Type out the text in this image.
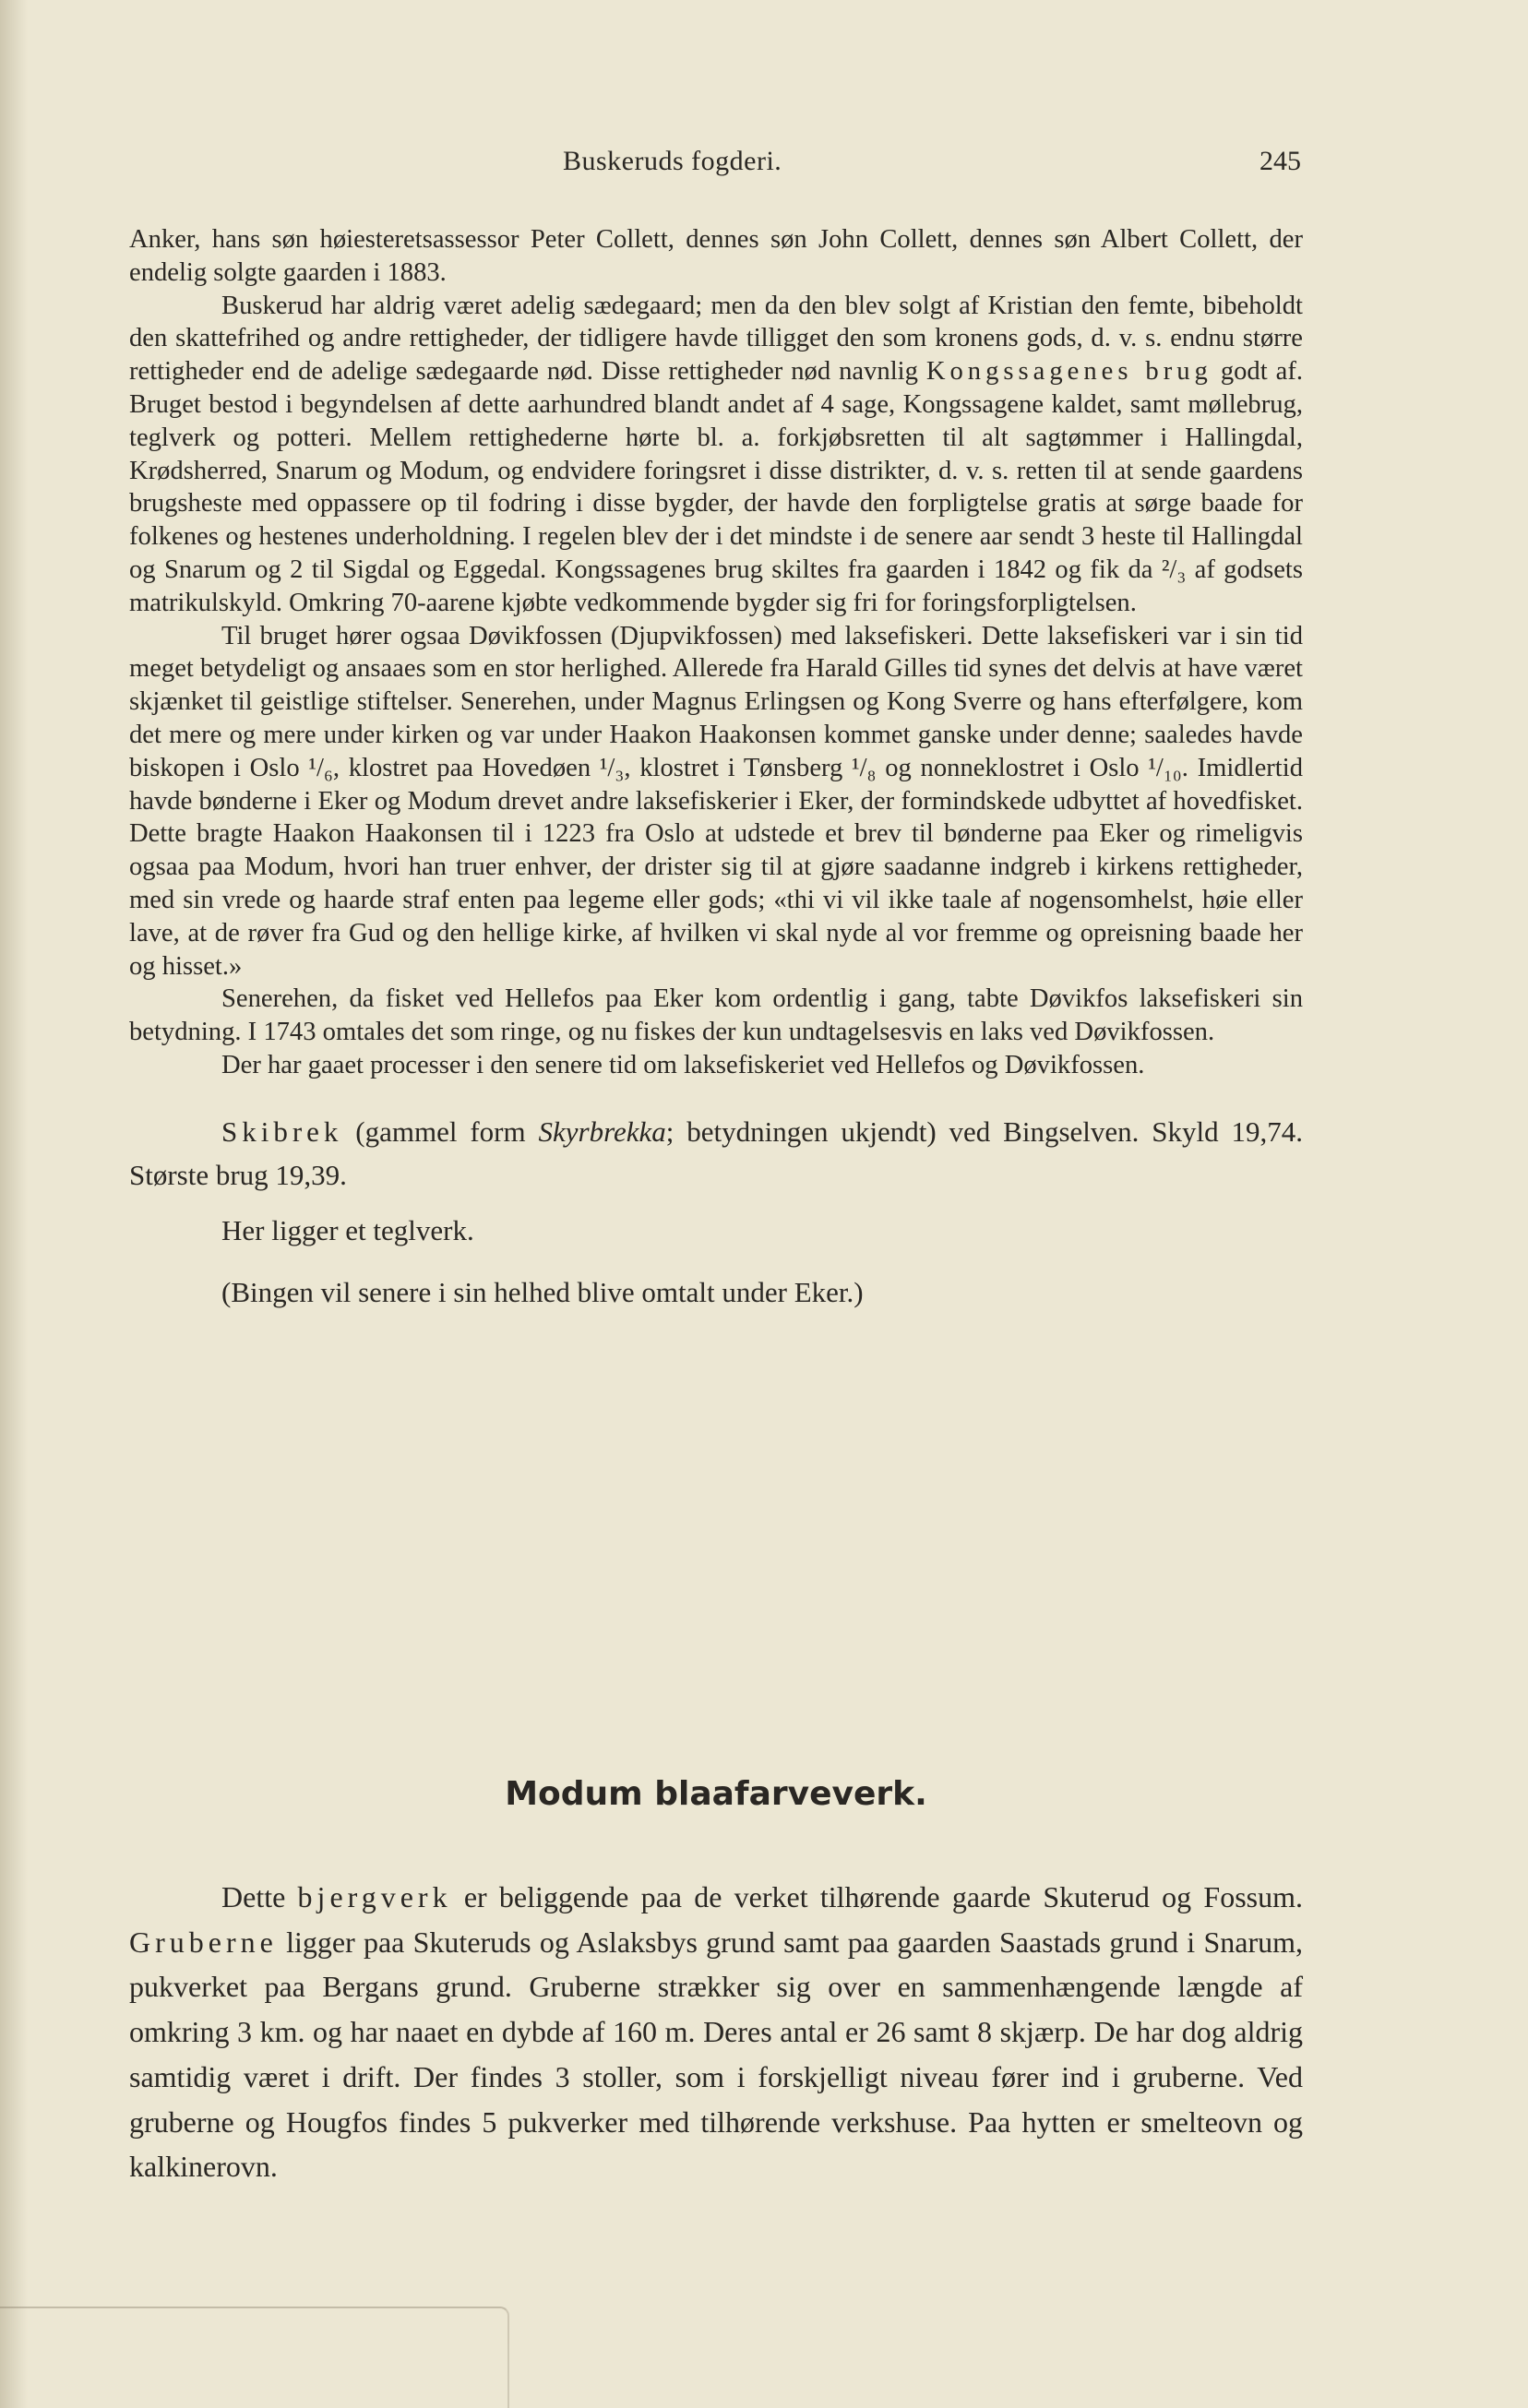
Buskeruds fogderi.	245

Anker, hans søn høiesteretsassessor Peter Collett, dennes søn John Collett, dennes søn Albert Collett, der endelig solgte gaarden i 1883.

Buskerud har aldrig været adelig sædegaard; men da den blev solgt af Kristian den femte, bibeholdt den skattefrihed og andre rettigheder, der tidligere havde tilligget den som kronens gods, d. v. s. endnu større rettigheder end de adelige sædegaarde nød. Disse rettigheder nød navnlig Kongssagenes brug godt af. Bruget bestod i begyndelsen af dette aarhundred blandt andet af 4 sage, Kongssagene kaldet, samt møllebrug, teglverk og potteri. Mellem rettighederne hørte bl. a. forkjøbsretten til alt sagtømmer i Hallingdal, Krødsherred, Snarum og Modum, og endvidere foringsret i disse distrikter, d. v. s. retten til at sende gaardens brugsheste med oppassere op til fodring i disse bygder, der havde den forpligtelse gratis at sørge baade for folkenes og hestenes underholdning. I regelen blev der i det mindste i de senere aar sendt 3 heste til Hallingdal og Snarum og 2 til Sigdal og Eggedal. Kongssagenes brug skiltes fra gaarden i 1842 og fik da ²/₃ af godsets matrikulskyld. Omkring 70-aarene kjøbte vedkommende bygder sig fri for foringsforpligtelsen.

Til bruget hører ogsaa Døvikfossen (Djupvikfossen) med laksefiskeri. Dette laksefiskeri var i sin tid meget betydeligt og ansaaes som en stor herlighed. Allerede fra Harald Gilles tid synes det delvis at have været skjænket til geistlige stiftelser. Senerehen, under Magnus Erlingsen og Kong Sverre og hans efterfølgere, kom det mere og mere under kirken og var under Haakon Haakonsen kommet ganske under denne; saaledes havde biskopen i Oslo ¹/₆, klostret paa Hovedøen ¹/₃, klostret i Tønsberg ¹/₈ og nonneklostret i Oslo ¹/₁₀. Imidlertid havde bønderne i Eker og Modum drevet andre laksefiskerier i Eker, der formindskede udbyttet af hovedfisket. Dette bragte Haakon Haakonsen til i 1223 fra Oslo at udstede et brev til bønderne paa Eker og rimeligvis ogsaa paa Modum, hvori han truer enhver, der drister sig til at gjøre saadanne indgreb i kirkens rettigheder, med sin vrede og haarde straf enten paa legeme eller gods; «thi vi vil ikke taale af nogensomhelst, høie eller lave, at de røver fra Gud og den hellige kirke, af hvilken vi skal nyde al vor fremme og opreisning baade her og hisset.»

Senerehen, da fisket ved Hellefos paa Eker kom ordentlig i gang, tabte Døvikfos laksefiskeri sin betydning. I 1743 omtales det som ringe, og nu fiskes der kun undtagelsesvis en laks ved Døvikfossen.

Der har gaaet processer i den senere tid om laksefiskeriet ved Hellefos og Døvikfossen.

Skibrek (gammel form Skyrbrekka; betydningen ukjendt) ved Bingselven. Skyld 19,74. Største brug 19,39.

Her ligger et teglverk.

(Bingen vil senere i sin helhed blive omtalt under Eker.)

Modum blaafarveverk.

Dette bjergverk er beliggende paa de verket tilhørende gaarde Skuterud og Fossum. Gruberne ligger paa Skuteruds og Aslaksbys grund samt paa gaarden Saastads grund i Snarum, pukverket paa Bergans grund. Gruberne strækker sig over en sammenhængende længde af omkring 3 km. og har naaet en dybde af 160 m. Deres antal er 26 samt 8 skjærp. De har dog aldrig samtidig været i drift. Der findes 3 stoller, som i forskjelligt niveau fører ind i gruberne. Ved gruberne og Hougfos findes 5 pukverker med tilhørende verkshuse. Paa hytten er smelteovn og kalkinerovn.
